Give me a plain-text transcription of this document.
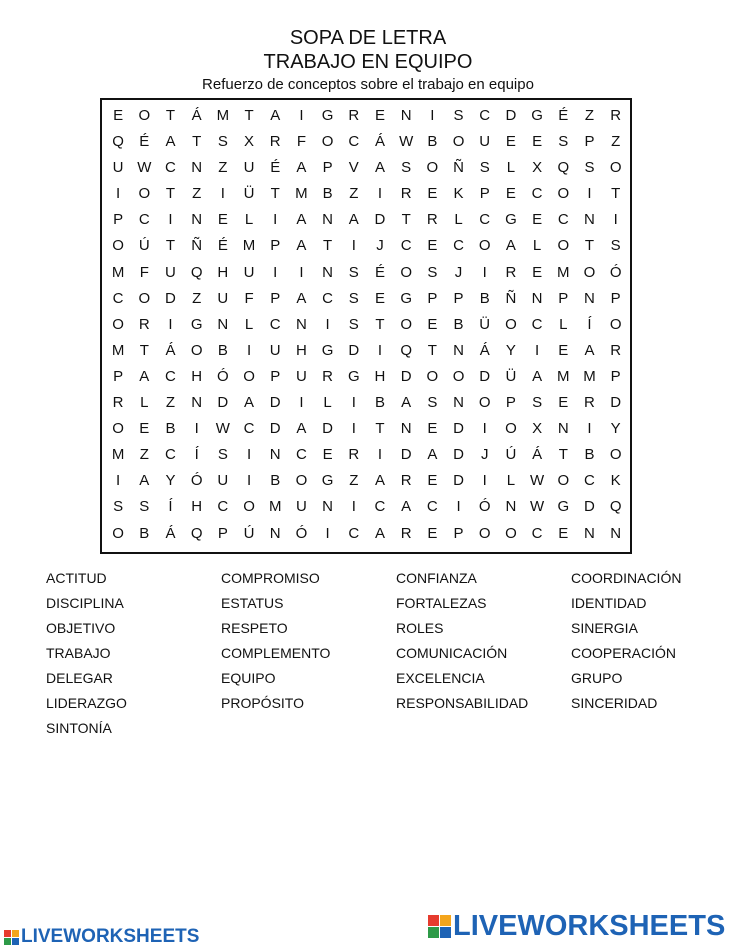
SOPA DE LETRA
TRABAJO EN EQUIPO
Refuerzo de conceptos sobre el trabajo en equipo
E	O	T	Á M	T	A	I	G R	E	N	I	S	C	D G	É	Z	R
Q	É	A	T	S	X	R	F	O C	Á W B	O U	E	E	S	P	Z
U W C	N	Z	U	É	A	P	V	A	S	O Ñ	S	L	X	Q	S	O
I	O	T	Z	I	Ü	T	M B	Z	I	R	E	K	P	E	C O	I	T
P	C	I	N	E	L	I	A	N	A	D	T	R	L	C G	E	C	N	I
O Ú	T	Ñ	É M P	A	T	I	J	C	E	C O	A	L	O	T	S
M	F	U Q H	U	I	I	N	S	É	O	S	J	I	R	E M O Ó
C O D	Z	U	F	P	A	C	S	E	G	P	P	B	Ñ	N	P	N	P
O R	I	G N	L	C	N	I	S	T	O	E	B	Ü O C	L	Í	O
M	T	Á	O	B	I	U	H G D	I	Q	T	N	Á	Y	I	E	A	R
P	A	C	H Ó O	P	U	R G H	D O O D	Ü	A M M P
R	L	Z	N	D	A	D	I	L	I	B	A	S	N O	P	S	E	R	D
O	E	B	I	W C	D	A	D	I	T	N	E	D	I	O	X	N	I	Y
M	Z	C	Í	S	I	N	C	E	R	I	D	A	D	J	Ú	Á	T	B	O
I	A	Y	Ó U	I	B	O G	Z	A	R	E	D	I	L W O C	K
S	S	Í	H	C O M U	N	I	C	A	C	I	Ó N W G D Q
O	B	Á	Q	P	Ú	N Ó	I	C	A	R	E	P	O O C	E	N	N
ACTITUD
DISCIPLINA
OBJETIVO
TRABAJO
DELEGAR
LIDERAZGO
SINTONÍA
COMPROMISO
ESTATUS
RESPETO
COMPLEMENTO
EQUIPO
PROPÓSITO
CONFIANZA
FORTALEZAS
ROLES
COMUNICACIÓN
EXCELENCIA
RESPONSABILIDAD
COORDINACIÓN
IDENTIDAD
SINERGIA
COOPERACIÓN
GRUPO
SINCERIDAD
LIVEWORKSHEETS	LIVEWORKSHEETS
